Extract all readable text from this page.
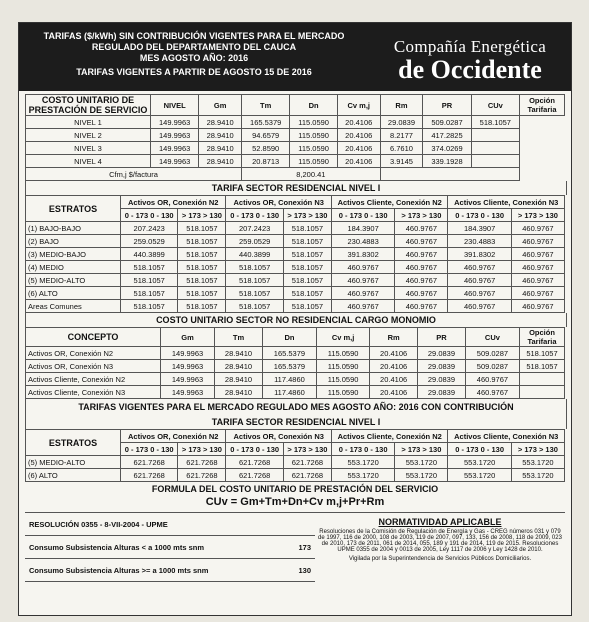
TARIFAS ($/kWh) SIN CONTRIBUCIÓN VIGENTES PARA EL MERCADO
REGULADO DEL DEPARTAMENTO DEL CAUCA
MES AGOSTO AÑO: 2016
TARIFAS VIGENTES A PARTIR DE AGOSTO 15 DE 2016
Compañía Energética
de Occidente
COSTO UNITARIO DE PRESTACIÓN DE SERVICIO	NIVEL	Gm	Tm	Dn	Cv m,j	Rm	PR	CUv	Opción Tarifaria
NIVEL 1	149.9963	28.9410	165.5379	115.0590	20.4106	29.0839	509.0287	518.1057	
NIVEL 2	149.9963	28.9410	94.6579	115.0590	20.4106	8.2177	417.2825		
NIVEL 3	149.9963	28.9410	52.8590	115.0590	20.4106	6.7610	374.0269		
NIVEL 4	149.9963	28.9410	20.8713	115.0590	20.4106	3.9145	339.1928		
Cfm,j $/factura			8,200.41						
TARIFA SECTOR RESIDENCIAL NIVEL I
ESTRATOS	Activos OR, Conexión N2		Activos OR, Conexión N3		Activos Cliente, Conexión N2		Activos Cliente, Conexión N3	
	0 - 173 0 - 130	> 173 > 130	0 - 173 0 - 130	> 173 > 130	0 - 173 0 - 130	> 173 > 130	0 - 173 0 - 130	> 173 > 130
(1) BAJO-BAJO	207.2423	518.1057	207.2423	518.1057	184.3907	460.9767	184.3907	460.9767
(2) BAJO	259.0529	518.1057	259.0529	518.1057	230.4883	460.9767	230.4883	460.9767
(3) MEDIO-BAJO	440.3899	518.1057	440.3899	518.1057	391.8302	460.9767	391.8302	460.9767
(4) MEDIO	518.1057	518.1057	518.1057	518.1057	460.9767	460.9767	460.9767	460.9767
(5) MEDIO-ALTO	518.1057	518.1057	518.1057	518.1057	460.9767	460.9767	460.9767	460.9767
(6) ALTO	518.1057	518.1057	518.1057	518.1057	460.9767	460.9767	460.9767	460.9767
Areas Comunes	518.1057	518.1057	518.1057	518.1057	460.9767	460.9767	460.9767	460.9767
COSTO UNITARIO SECTOR NO RESIDENCIAL CARGO MONOMIO
CONCEPTO	Gm	Tm	Dn	Cv m,j	Rm	PR	CUv	Opción Tarifaria
Activos OR, Conexión N2	149.9963	28.9410	165.5379	115.0590	20.4106	29.0839	509.0287	518.1057
Activos OR, Conexión N3	149.9963	28.9410	165.5379	115.0590	20.4106	29.0839	509.0287	518.1057
Activos Cliente, Conexión N2	149.9963	28.9410	117.4860	115.0590	20.4106	29.0839	460.9767	
Activos Cliente, Conexión N3	149.9963	28.9410	117.4860	115.0590	20.4106	29.0839	460.9767	
TARIFAS VIGENTES PARA EL MERCADO REGULADO MES AGOSTO AÑO: 2016 CON CONTRIBUCIÓN
TARIFA SECTOR RESIDENCIAL NIVEL I
ESTRATOS	Activos OR, Conexión N2		Activos OR, Conexión N3		Activos Cliente, Conexión N2		Activos Cliente, Conexión N3	
	0 - 173 0 - 130	> 173 > 130	0 - 173 0 - 130	> 173 > 130	0 - 173 0 - 130	> 173 > 130	0 - 173 0 - 130	> 173 > 130
(5) MEDIO-ALTO	621.7268	621.7268	621.7268	621.7268	553.1720	553.1720	553.1720	553.1720
(6) ALTO	621.7268	621.7268	621.7268	621.7268	553.1720	553.1720	553.1720	553.1720
FORMULA DEL COSTO UNITARIO DE PRESTACIÓN DEL SERVICIO
CUv = Gm+Tm+Dn+Cv m,j+Pr+Rm
RESOLUCIÓN 0355 - 8-VII-2004 - UPME
Consumo Subsistencia Alturas < a 1000 mts snm	173
Consumo Subsistencia Alturas >= a 1000 mts snm	130
NORMATIVIDAD APLICABLE
Resoluciones de la Comisión de Regulación de Energía y Gas - CREG números 031 y 079 de 1997, 116 de 2000, 108 de 2003, 119 de 2007, 097, 133, 156 de 2008, 118 de 2009, 023 de 2010, 173 de 2011, 061 de 2014, 055, 189 y 191 de 2014, 119 de 2015. Resoluciones UPME 0355 de 2004 y 0013 de 2005, Ley 1117 de 2006 y Ley 1428 de 2010.
Vigilada por la Superintendencia de Servicios Públicos Domiciliarios.
